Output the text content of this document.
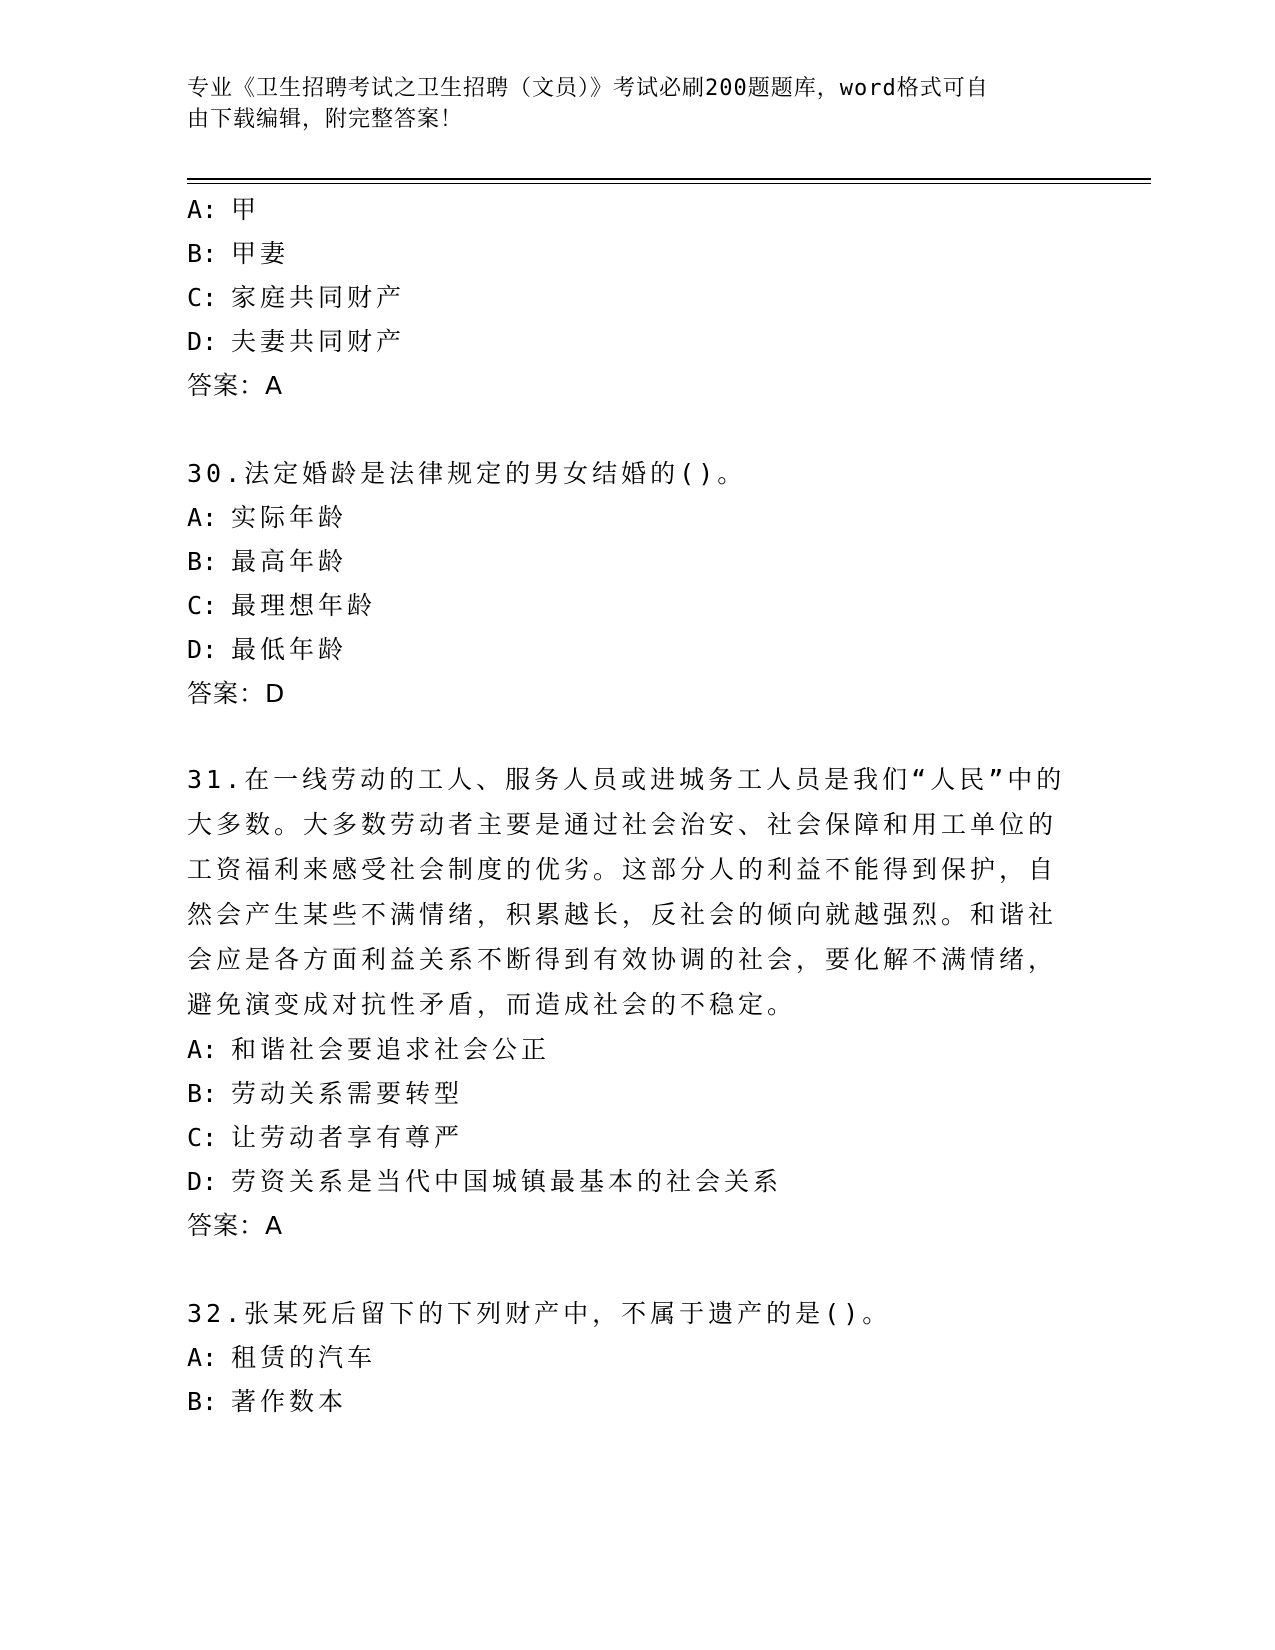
专业《卫生招聘考试之卫生招聘（文员）》考试必刷200题题库，word格式可自
由下载编辑，附完整答案！
A: 甲
B: 甲妻
C: 家庭共同财产
D: 夫妻共同财产
答案：A
30.法定婚龄是法律规定的男女结婚的()。
A: 实际年龄
B: 最高年龄
C: 最理想年龄
D: 最低年龄
答案：D
31.在一线劳动的工人、服务人员或进城务工人员是我们“人民”中的
大多数。大多数劳动者主要是通过社会治安、社会保障和用工单位的
工资福利来感受社会制度的优劣。这部分人的利益不能得到保护，自
然会产生某些不满情绪，积累越长，反社会的倾向就越强烈。和谐社
会应是各方面利益关系不断得到有效协调的社会，要化解不满情绪，
避免演变成对抗性矛盾，而造成社会的不稳定。
A: 和谐社会要追求社会公正
B: 劳动关系需要转型
C: 让劳动者享有尊严
D: 劳资关系是当代中国城镇最基本的社会关系
答案：A
32.张某死后留下的下列财产中，不属于遗产的是()。
A: 租赁的汽车
B: 著作数本
